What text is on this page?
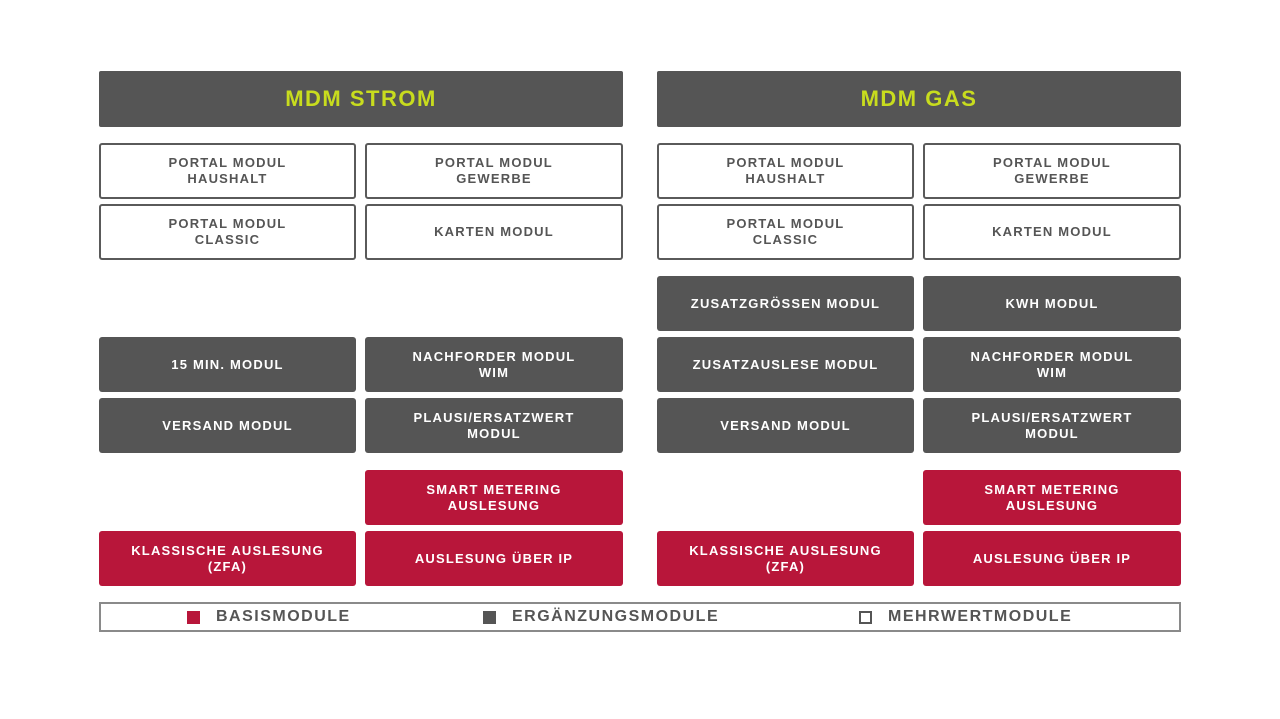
MDM STROM
PORTAL MODUL
HAUSHALT
PORTAL MODUL
GEWERBE
PORTAL MODUL
CLASSIC
KARTEN MODUL
15 MIN. MODUL
NACHFORDER MODUL
WIM
VERSAND MODUL
PLAUSI/ERSATZWERT
MODUL
SMART METERING
AUSLESUNG
KLASSISCHE AUSLESUNG
(ZFA)
AUSLESUNG ÜBER IP
MDM GAS
PORTAL MODUL
HAUSHALT
PORTAL MODUL
GEWERBE
PORTAL MODUL
CLASSIC
KARTEN MODUL
ZUSATZGRÖSSEN MODUL	KWH MODUL
ZUSATZAUSLESE MODUL
NACHFORDER MODUL
WIM
VERSAND MODUL
PLAUSI/ERSATZWERT
MODUL
SMART METERING
AUSLESUNG
KLASSISCHE AUSLESUNG
(ZFA)
AUSLESUNG ÜBER IP
BASISMODULE	ERGÄNZUNGSMODULE	MEHRWERTMODULE
